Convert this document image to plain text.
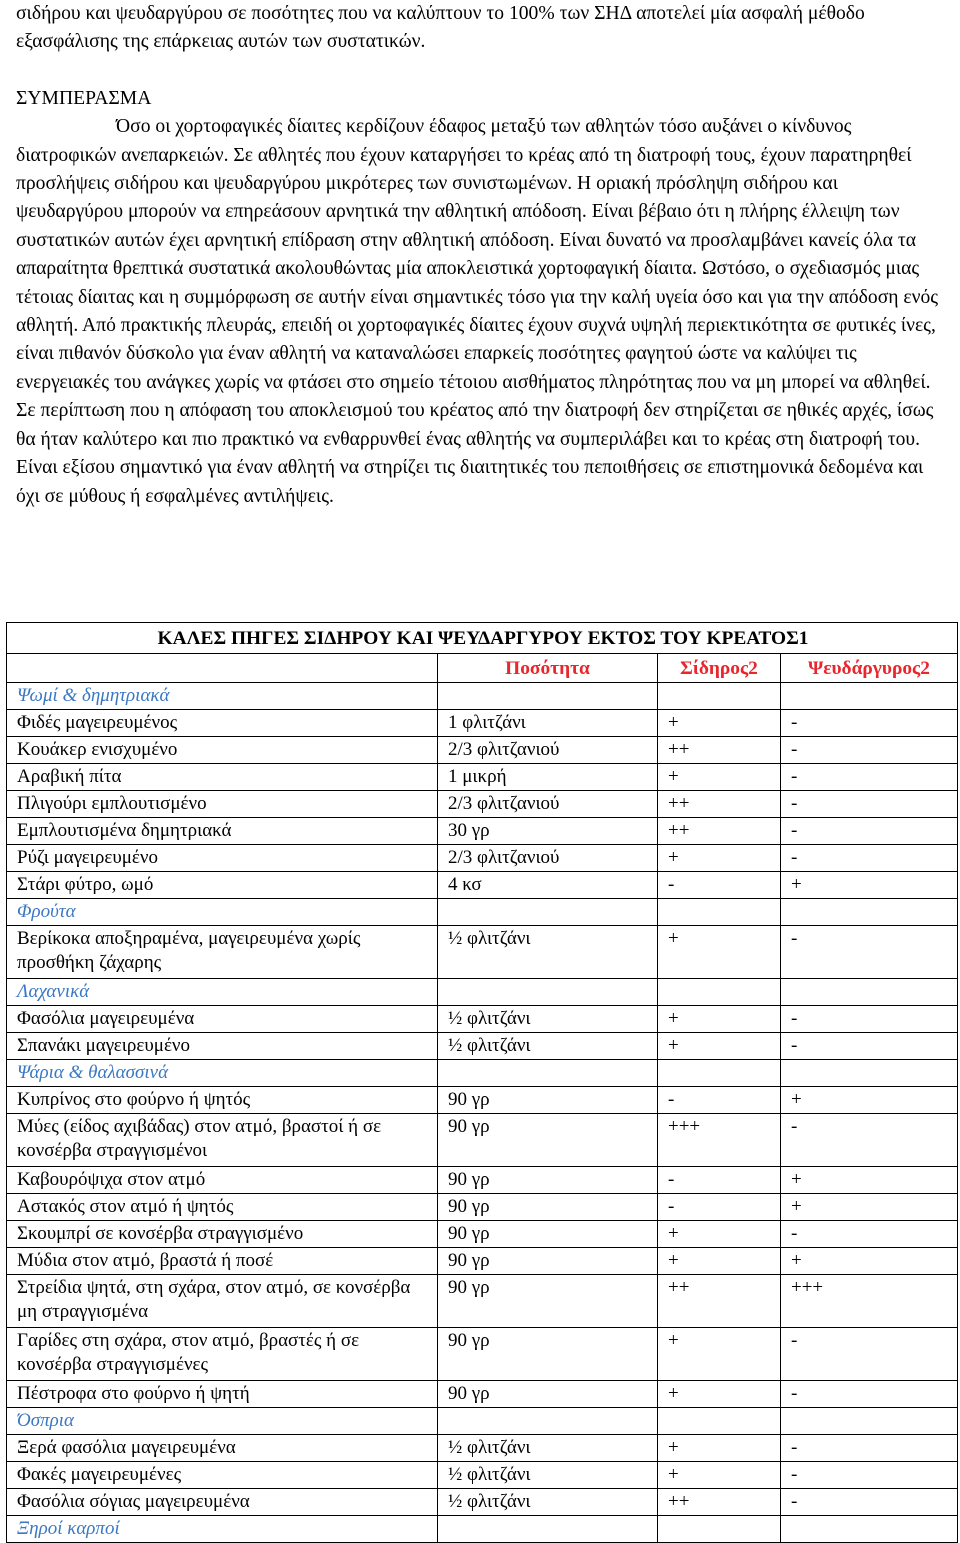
σιδήρου και ψευδαργύρου σε ποσότητες που να καλύπτουν το 100% των ΣΗΔ αποτελεί μία ασφαλή μέθοδο εξασφάλισης της επάρκειας αυτών των συστατικών.

ΣΥΜΠΕΡΑΣΜΑ

Όσο οι χορτοφαγικές δίαιτες κερδίζουν έδαφος μεταξύ των αθλητών τόσο αυξάνει ο κίνδυνος διατροφικών ανεπαρκειών. Σε αθλητές που έχουν καταργήσει το κρέας από τη διατροφή τους, έχουν παρατηρηθεί προσλήψεις σιδήρου και ψευδαργύρου μικρότερες των συνιστωμένων. Η οριακή πρόσληψη σιδήρου και ψευδαργύρου μπορούν να επηρεάσουν αρνητικά την αθλητική απόδοση. Είναι βέβαιο ότι η πλήρης έλλειψη των συστατικών αυτών έχει αρνητική επίδραση στην αθλητική απόδοση. Είναι δυνατό να προσλαμβάνει κανείς όλα τα απαραίτητα θρεπτικά συστατικά ακολουθώντας μία αποκλειστικά χορτοφαγική δίαιτα. Ωστόσο, ο σχεδιασμός μιας τέτοιας δίαιτας και η συμμόρφωση σε αυτήν είναι σημαντικές τόσο για την καλή υγεία όσο και για την απόδοση ενός αθλητή. Από πρακτικής πλευράς, επειδή οι χορτοφαγικές δίαιτες έχουν συχνά υψηλή περιεκτικότητα σε φυτικές ίνες, είναι πιθανόν δύσκολο για έναν αθλητή να καταναλώσει επαρκείς ποσότητες φαγητού ώστε να καλύψει τις ενεργειακές του ανάγκες χωρίς να φτάσει στο σημείο τέτοιου αισθήματος πληρότητας που να μη μπορεί να αθληθεί. Σε περίπτωση που η απόφαση του αποκλεισμού του κρέατος από την διατροφή δεν στηρίζεται σε ηθικές αρχές, ίσως θα ήταν καλύτερο και πιο πρακτικό να ενθαρρυνθεί ένας αθλητής να συμπεριλάβει και το κρέας στη διατροφή του. Είναι εξίσου σημαντικό για έναν αθλητή να στηρίζει τις διαιτητικές του πεποιθήσεις σε επιστημονικά δεδομένα και όχι σε μύθους ή εσφαλμένες αντιλήψεις.

ΚΑΛΕΣ ΠΗΓΕΣ ΣΙΔΗΡΟΥ ΚΑΙ ΨΕΥΔΑΡΓΥΡΟΥ ΕΚΤΟΣ ΤΟΥ ΚΡΕΑΤΟΣ1			
	Ποσότητα	Σίδηρος2	Ψευδάργυρος2
Ψωμί & δημητριακά			
Φιδές μαγειρευμένος	1 φλιτζάνι	+	-
Κουάκερ ενισχυμένο	2/3 φλιτζανιού	++	-
Αραβική πίτα	1 μικρή	+	-
Πλιγούρι εμπλουτισμένο	2/3 φλιτζανιού	++	-
Εμπλουτισμένα δημητριακά	30 γρ	++	-
Ρύζι μαγειρευμένο	2/3 φλιτζανιού	+	-
Στάρι φύτρο, ωμό	4 κσ	-	+
Φρούτα			
Βερίκοκα αποξηραμένα, μαγειρευμένα χωρίς προσθήκη ζάχαρης	½ φλιτζάνι	+	-
Λαχανικά			
Φασόλια μαγειρευμένα	½ φλιτζάνι	+	-
Σπανάκι μαγειρευμένο	½ φλιτζάνι	+	-
Ψάρια & θαλασσινά			
Κυπρίνος στο φούρνο ή ψητός	90 γρ	-	+
Μύες (είδος αχιβάδας) στον ατμό, βραστοί ή σε κονσέρβα στραγγισμένοι	90 γρ	+++	-
Καβουρόψιχα στον ατμό	90 γρ	-	+
Αστακός στον ατμό ή ψητός	90 γρ	-	+
Σκουμπρί σε κονσέρβα στραγγισμένο	90 γρ	+	-
Μύδια στον ατμό, βραστά ή ποσέ	90 γρ	+	+
Στρείδια ψητά, στη σχάρα, στον ατμό, σε κονσέρβα μη στραγγισμένα	90 γρ	++	+++
Γαρίδες στη σχάρα, στον ατμό, βραστές ή σε κονσέρβα στραγγισμένες	90 γρ	+	-
Πέστροφα στο φούρνο ή ψητή	90 γρ	+	-
Όσπρια			
Ξερά φασόλια μαγειρευμένα	½ φλιτζάνι	+	-
Φακές μαγειρευμένες	½ φλιτζάνι	+	-
Φασόλια σόγιας μαγειρευμένα	½ φλιτζάνι	++	-
Ξηροί καρποί			
